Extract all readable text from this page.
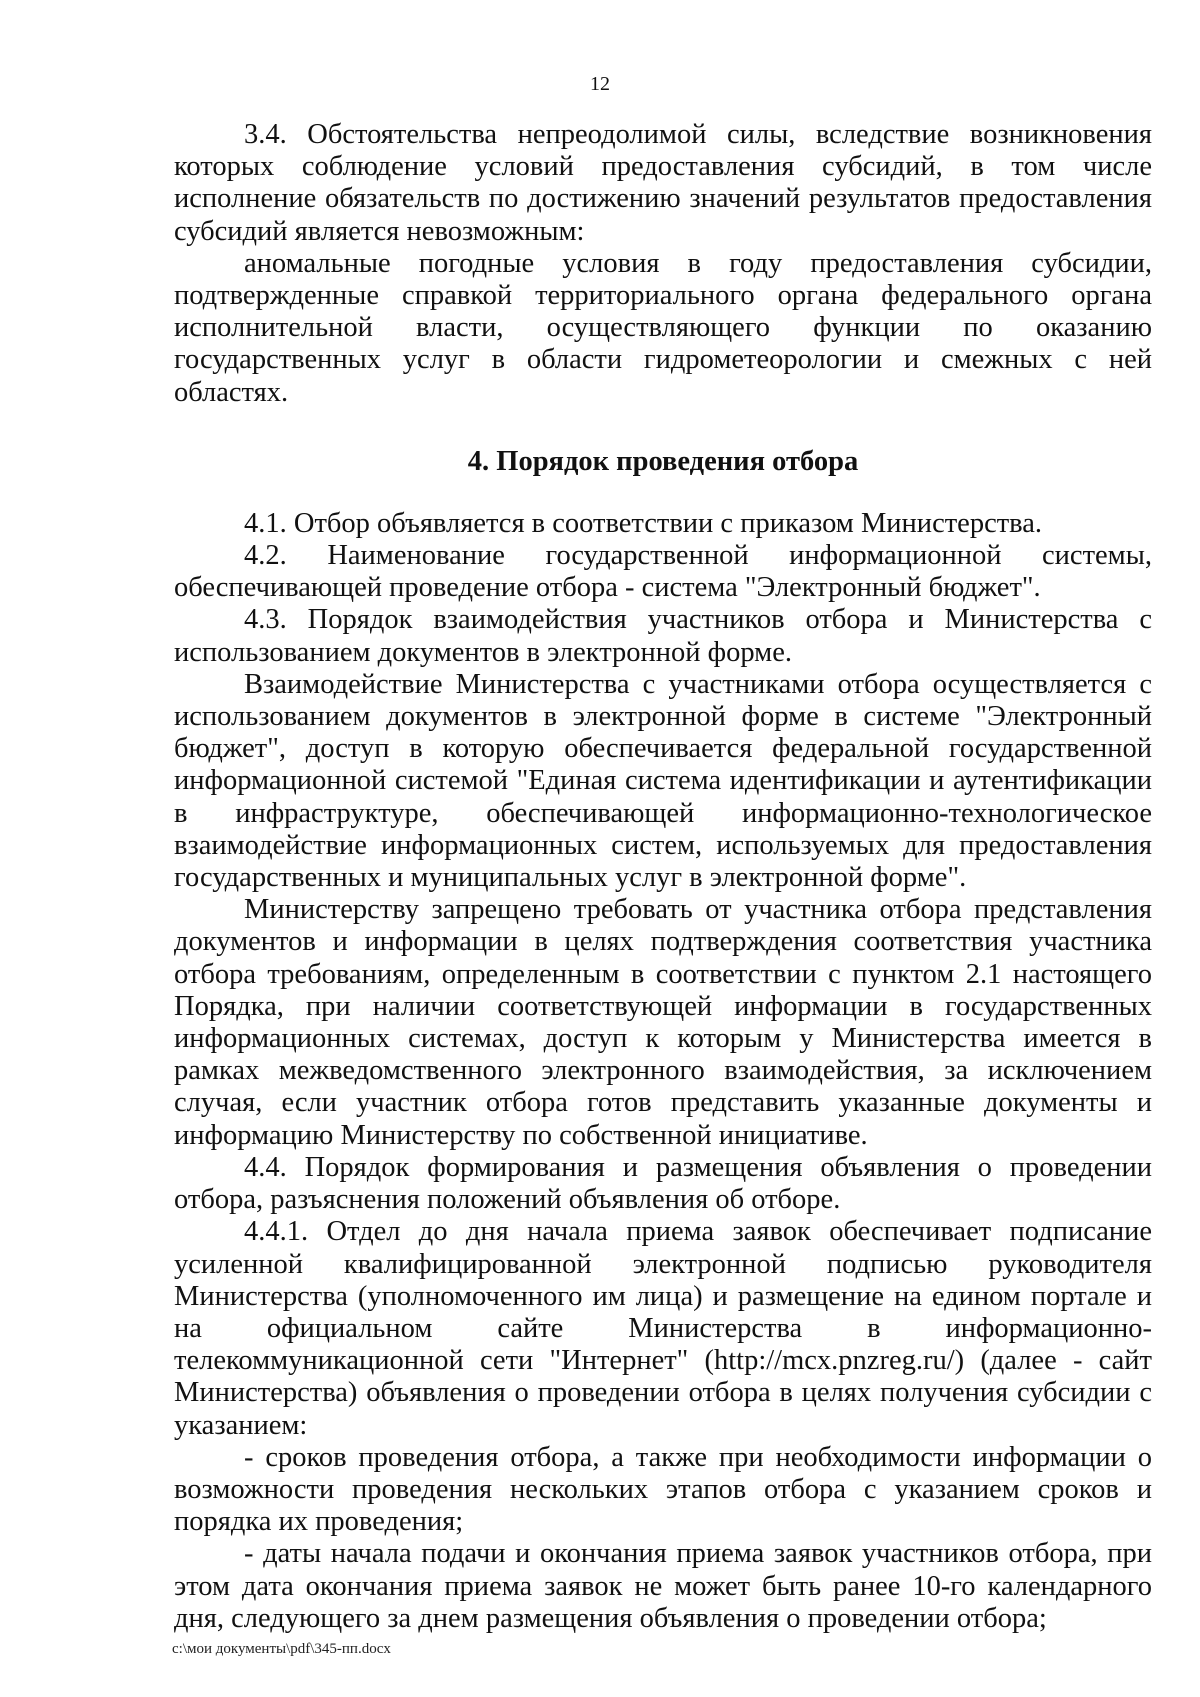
12

3.4. Обстоятельства непреодолимой силы, вследствие возникновения которых соблюдение условий предоставления субсидий, в том числе исполнение обязательств по достижению значений результатов предоставления субсидий является невозможным:

аномальные погодные условия в году предоставления субсидии, подтвержденные справкой территориального органа федерального органа исполнительной власти, осуществляющего функции по оказанию государственных услуг в области гидрометеорологии и смежных с ней областях.

4. Порядок проведения отбора

4.1. Отбор объявляется в соответствии с приказом Министерства.

4.2. Наименование государственной информационной системы, обеспечивающей проведение отбора - система "Электронный бюджет".

4.3. Порядок взаимодействия участников отбора и Министерства с использованием документов в электронной форме.

Взаимодействие Министерства с участниками отбора осуществляется с использованием документов в электронной форме в системе "Электронный бюджет", доступ в которую обеспечивается федеральной государственной информационной системой "Единая система идентификации и аутентификации в инфраструктуре, обеспечивающей информационно-технологическое взаимодействие информационных систем, используемых для предоставления государственных и муниципальных услуг в электронной форме".

Министерству запрещено требовать от участника отбора представления документов и информации в целях подтверждения соответствия участника отбора требованиям, определенным в соответствии с пунктом 2.1 настоящего Порядка, при наличии соответствующей информации в государственных информационных системах, доступ к которым у Министерства имеется в рамках межведомственного электронного взаимодействия, за исключением случая, если участник отбора готов представить указанные документы и информацию Министерству по собственной инициативе.

4.4. Порядок формирования и размещения объявления о проведении отбора, разъяснения положений объявления об отборе.

4.4.1. Отдел до дня начала приема заявок обеспечивает подписание усиленной квалифицированной электронной подписью руководителя Министерства (уполномоченного им лица) и размещение на едином портале и на официальном сайте Министерства в информационно-телекоммуникационной сети "Интернет" (http://mcx.pnzreg.ru/) (далее - сайт Министерства) объявления о проведении отбора в целях получения субсидии с указанием:

- сроков проведения отбора, а также при необходимости информации о возможности проведения нескольких этапов отбора с указанием сроков и порядка их проведения;

- даты начала подачи и окончания приема заявок участников отбора, при этом дата окончания приема заявок не может быть ранее 10-го календарного дня, следующего за днем размещения объявления о проведении отбора;

c:\мои документы\pdf\345-пп.docx
